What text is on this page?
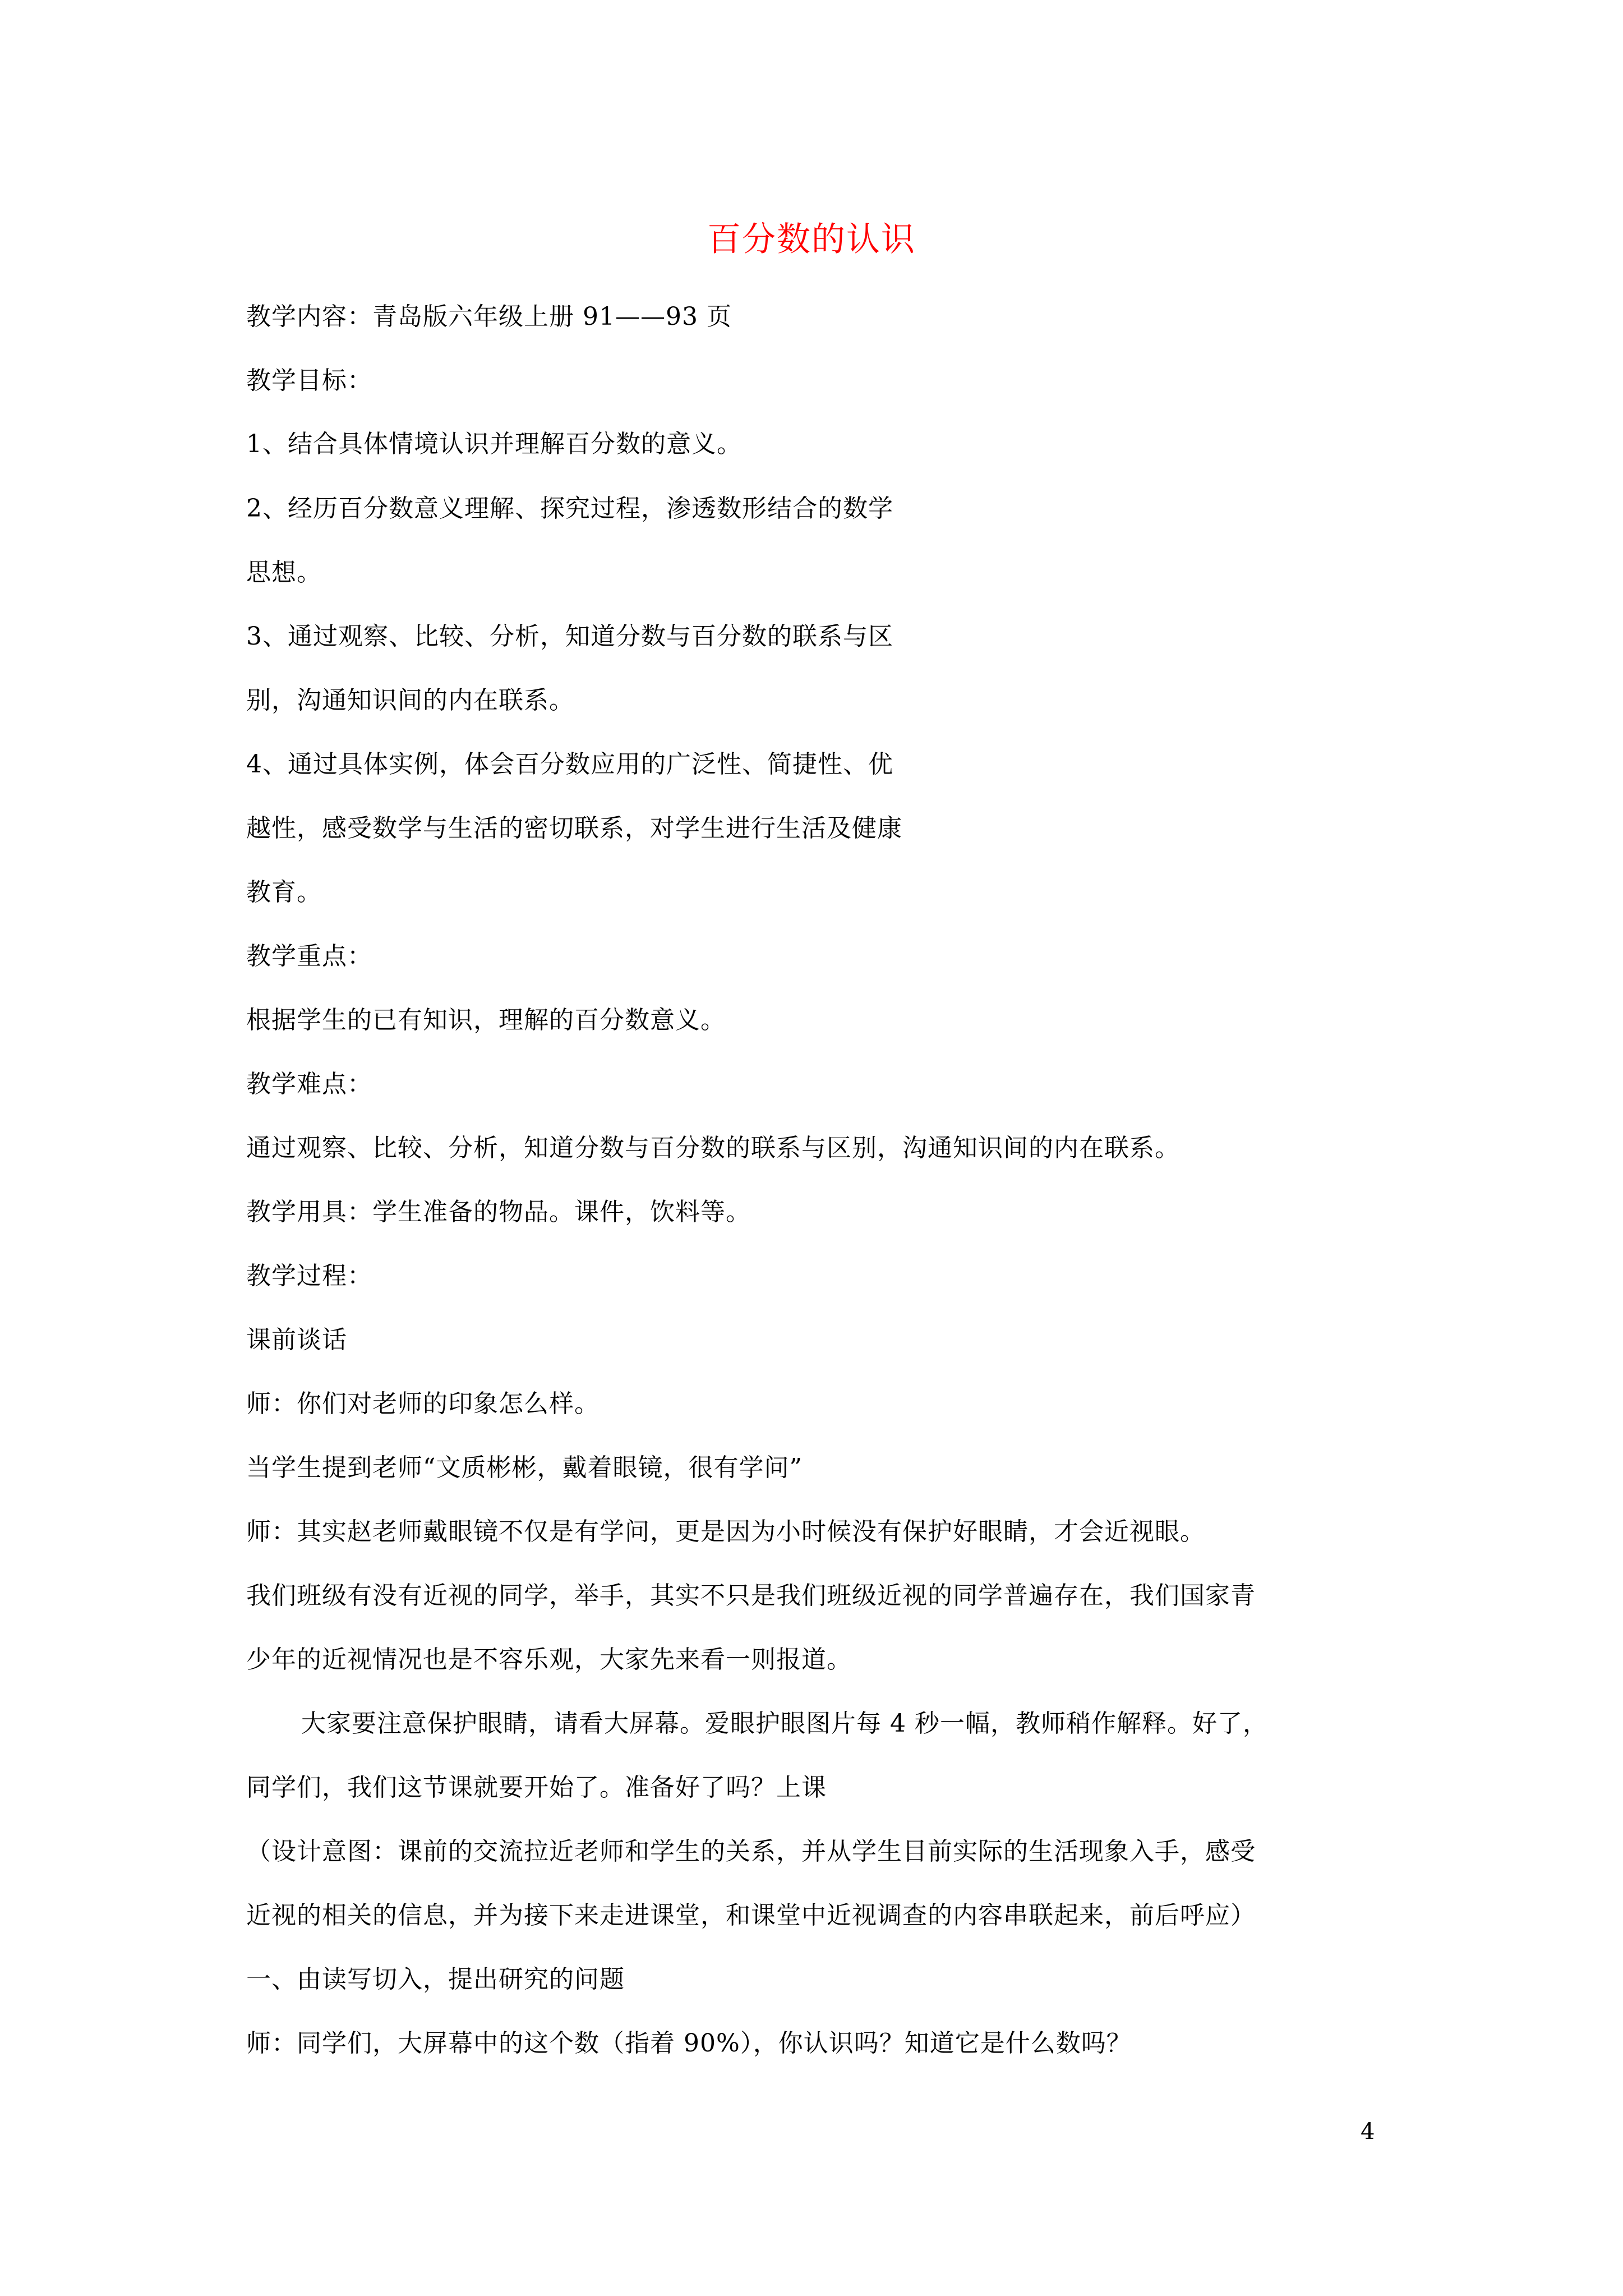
百分数的认识
教学内容：青岛版六年级上册 91——93 页
教学目标：
1、结合具体情境认识并理解百分数的意义。
2、经历百分数意义理解、探究过程，渗透数形结合的数学
思想。
3、通过观察、比较、分析，知道分数与百分数的联系与区
别，沟通知识间的内在联系。
4、通过具体实例，体会百分数应用的广泛性、简捷性、优
越性，感受数学与生活的密切联系，对学生进行生活及健康
教育。
教学重点：
根据学生的已有知识，理解的百分数意义。
教学难点：
通过观察、比较、分析，知道分数与百分数的联系与区别，沟通知识间的内在联系。
教学用具：学生准备的物品。课件，饮料等。
教学过程：
课前谈话
师：你们对老师的印象怎么样。
当学生提到老师“文质彬彬，戴着眼镜，很有学问”
师：其实赵老师戴眼镜不仅是有学问，更是因为小时候没有保护好眼睛，才会近视眼。
我们班级有没有近视的同学，举手，其实不只是我们班级近视的同学普遍存在，我们国家青
少年的近视情况也是不容乐观，大家先来看一则报道。
大家要注意保护眼睛，请看大屏幕。爱眼护眼图片每 4 秒一幅，教师稍作解释。好了，
同学们，我们这节课就要开始了。准备好了吗？上课
（设计意图：课前的交流拉近老师和学生的关系，并从学生目前实际的生活现象入手，感受
近视的相关的信息，并为接下来走进课堂，和课堂中近视调查的内容串联起来，前后呼应）
一、由读写切入，提出研究的问题
师：同学们，大屏幕中的这个数（指着 90%），你认识吗？知道它是什么数吗？
4
